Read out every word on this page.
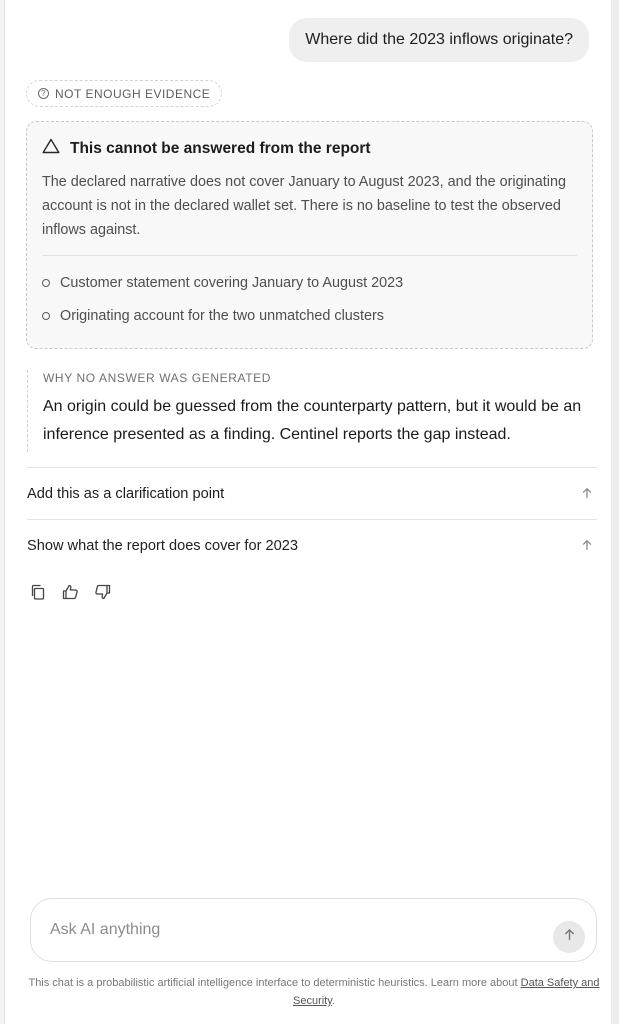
Where did the 2023 inflows originate?
? NOT ENOUGH EVIDENCE
This cannot be answered from the report
The declared narrative does not cover January to August 2023, and the originating account is not in the declared wallet set. There is no baseline to test the observed inflows against.
Customer statement covering January to August 2023
Originating account for the two unmatched clusters
WHY NO ANSWER WAS GENERATED
An origin could be guessed from the counterparty pattern, but it would be an inference presented as a finding. Centinel reports the gap instead.
Add this as a clarification point
Show what the report does cover for 2023
Ask AI anything
This chat is a probabilistic artificial intelligence interface to deterministic heuristics. Learn more about Data Safety and Security.
